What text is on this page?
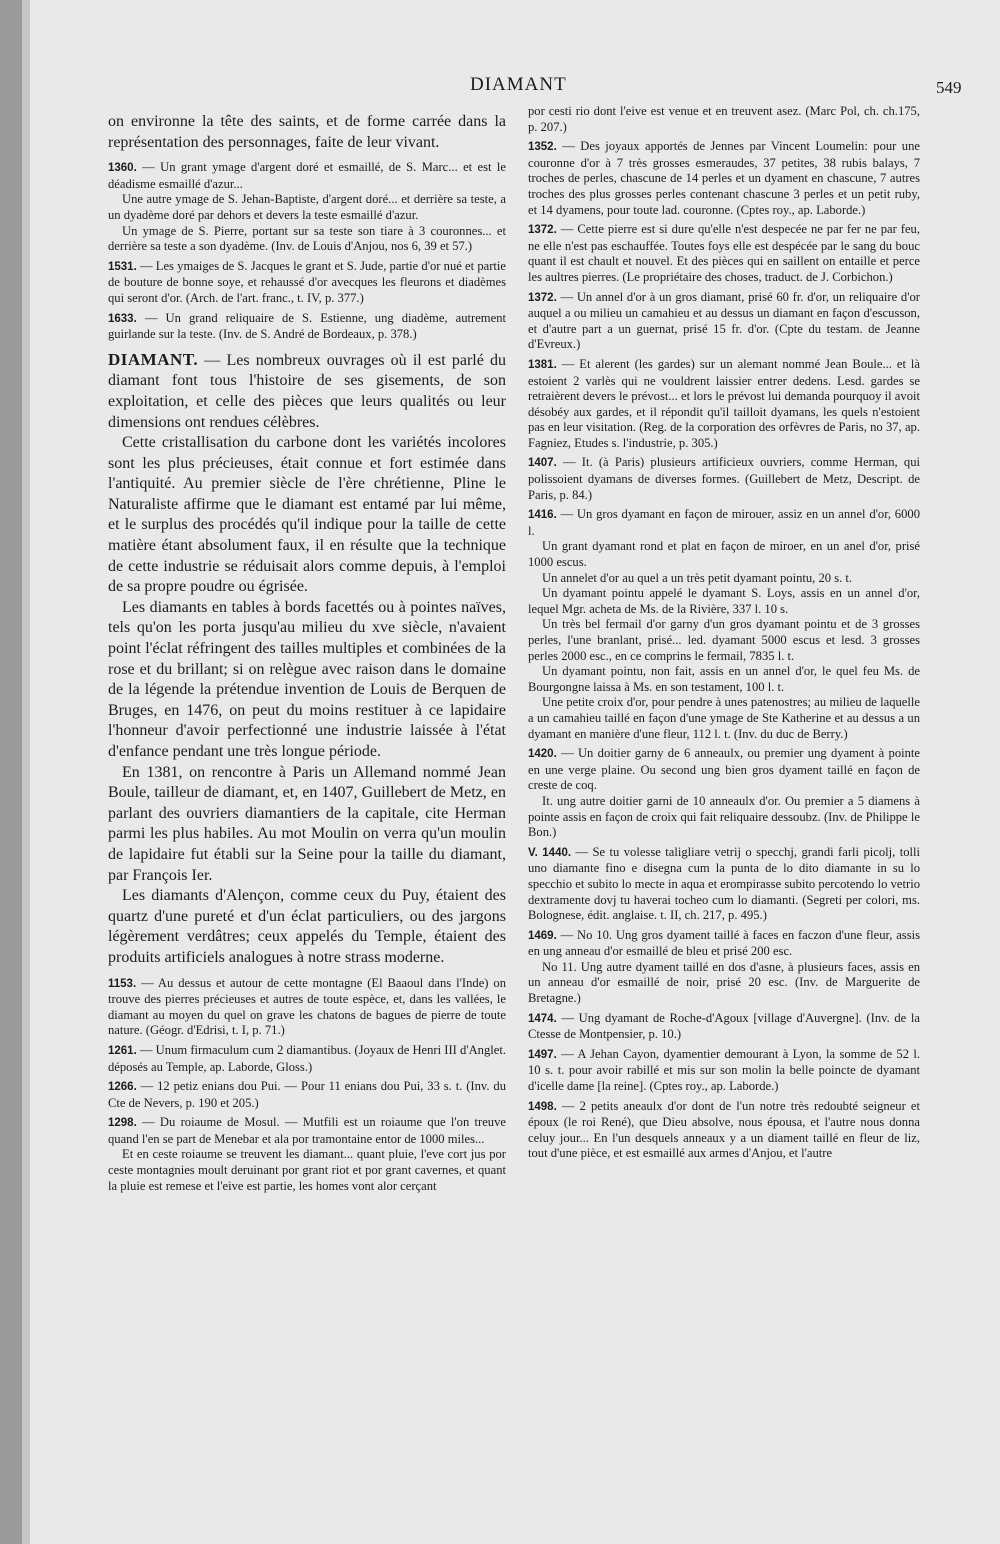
DIAMANT	549

on environne la tête des saints, et de forme carrée dans la représentation des personnages, faite de leur vivant.

1360. — Un grant ymage d'argent doré et esmaillé, de S. Marc... et est le déadisme esmaillé d'azur...

Une autre ymage de S. Jehan-Baptiste, d'argent doré... et derrière sa teste, a un dyadème doré par dehors et devers la teste esmaillé d'azur.

Un ymage de S. Pierre, portant sur sa teste son tiare à 3 couronnes... et derrière sa teste a son dyadème. (Inv. de Louis d'Anjou, nos 6, 39 et 57.)

1531. — Les ymaiges de S. Jacques le grant et S. Jude, partie d'or nué et partie de bouture de bonne soye, et rehaussé d'or avecques les fleurons et diadèmes qui seront d'or. (Arch. de l'art. franc., t. IV, p. 377.)

1633. — Un grand reliquaire de S. Estienne, ung diadème, autrement guirlande sur la teste. (Inv. de S. André de Bordeaux, p. 378.)

DIAMANT. — Les nombreux ouvrages où il est parlé du diamant font tous l'histoire de ses gisements, de son exploitation, et celle des pièces que leurs qualités ou leur dimensions ont rendues célèbres.

Cette cristallisation du carbone dont les variétés incolores sont les plus précieuses, était connue et fort estimée dans l'antiquité. Au premier siècle de l'ère chrétienne, Pline le Naturaliste affirme que le diamant est entamé par lui même, et le surplus des procédés qu'il indique pour la taille de cette matière étant absolument faux, il en résulte que la technique de cette industrie se réduisait alors comme depuis, à l'emploi de sa propre poudre ou égrisée.

Les diamants en tables à bords facettés ou à pointes naïves, tels qu'on les porta jusqu'au milieu du xve siècle, n'avaient point l'éclat réfringent des tailles multiples et combinées de la rose et du brillant; si on relègue avec raison dans le domaine de la légende la prétendue invention de Louis de Berquen de Bruges, en 1476, on peut du moins restituer à ce lapidaire l'honneur d'avoir perfectionné une industrie laissée à l'état d'enfance pendant une très longue période.

En 1381, on rencontre à Paris un Allemand nommé Jean Boule, tailleur de diamant, et, en 1407, Guillebert de Metz, en parlant des ouvriers diamantiers de la capitale, cite Herman parmi les plus habiles. Au mot Moulin on verra qu'un moulin de lapidaire fut établi sur la Seine pour la taille du diamant, par François Ier.

Les diamants d'Alençon, comme ceux du Puy, étaient des quartz d'une pureté et d'un éclat particuliers, ou des jargons légèrement verdâtres; ceux appelés du Temple, étaient des produits artificiels analogues à notre strass moderne.

1153. — Au dessus et autour de cette montagne (El Baaoul dans l'Inde) on trouve des pierres précieuses et autres de toute espèce, et, dans les vallées, le diamant au moyen du quel on grave les chatons de bagues de pierre de toute nature. (Géogr. d'Edrisi, t. I, p. 71.)

1261. — Unum firmaculum cum 2 diamantibus. (Joyaux de Henri III d'Anglet. déposés au Temple, ap. Laborde, Gloss.)

1266. — 12 petiz enians dou Pui. — Pour 11 enians dou Pui, 33 s. t. (Inv. du Cte de Nevers, p. 190 et 205.)

1298. — Du roiaume de Mosul. — Mutfili est un roiaume que l'on treuve quand l'en se part de Menebar et ala por tramontaine entor de 1000 miles...

Et en ceste roiaume se treuvent les diamant... quant pluie, l'eve cort jus por ceste montagnies moult deruinant por grant riot et por grant cavernes, et quant la pluie est remese et l'eive est partie, les homes vont alor cerçant

por cesti rio dont l'eive est venue et en treuvent asez. (Marc Pol, ch. ch.175, p. 207.)

1352. — Des joyaux apportés de Jennes par Vincent Loumelin: pour une couronne d'or à 7 très grosses esmeraudes, 37 petites, 38 rubis balays, 7 troches de perles, chascune de 14 perles et un dyament en chascune, 7 autres troches des plus grosses perles contenant chascune 3 perles et un petit ruby, et 14 dyamens, pour toute lad. couronne. (Cptes roy., ap. Laborde.)

1372. — Cette pierre est si dure qu'elle n'est despecée ne par fer ne par feu, ne elle n'est pas eschauffée. Toutes foys elle est despécée par le sang du bouc quant il est chault et nouvel. Et des pièces qui en saillent on entaille et perce les aultres pierres. (Le propriétaire des choses, traduct. de J. Corbichon.)

1372. — Un annel d'or à un gros diamant, prisé 60 fr. d'or, un reliquaire d'or auquel a ou milieu un camahieu et au dessus un diamant en façon d'escusson, et d'autre part a un guernat, prisé 15 fr. d'or. (Cpte du testam. de Jeanne d'Evreux.)

1381. — Et alerent (les gardes) sur un alemant nommé Jean Boule... et là estoient 2 varlès qui ne vouldrent laissier entrer dedens. Lesd. gardes se retraièrent devers le prévost... et lors le prévost lui demanda pourquoy il avoit désobéy aux gardes, et il répondit qu'il tailloit dyamans, les quels n'estoient pas en leur visitation. (Reg. de la corporation des orfèvres de Paris, no 37, ap. Fagniez, Etudes s. l'industrie, p. 305.)

1407. — It. (à Paris) plusieurs artificieux ouvriers, comme Herman, qui polissoient dyamans de diverses formes. (Guillebert de Metz, Descript. de Paris, p. 84.)

1416. — Un gros dyamant en façon de mirouer, assiz en un annel d'or, 6000 l.

Un grant dyamant rond et plat en façon de miroer, en un anel d'or, prisé 1000 escus.

Un annelet d'or au quel a un très petit dyamant pointu, 20 s. t.

Un dyamant pointu appelé le dyamant S. Loys, assis en un annel d'or, lequel Mgr. acheta de Ms. de la Rivière, 337 l. 10 s.

Un très bel fermail d'or garny d'un gros dyamant pointu et de 3 grosses perles, l'une branlant, prisé... led. dyamant 5000 escus et lesd. 3 grosses perles 2000 esc., en ce comprins le fermail, 7835 l. t.

Un dyamant pointu, non fait, assis en un annel d'or, le quel feu Ms. de Bourgongne laissa à Ms. en son testament, 100 l. t.

Une petite croix d'or, pour pendre à unes patenostres; au milieu de laquelle a un camahieu taillé en façon d'une ymage de Ste Katherine et au dessus a un dyamant en manière d'une fleur, 112 l. t. (Inv. du duc de Berry.)

1420. — Un doitier garny de 6 anneaulx, ou premier ung dyament à pointe en une verge plaine. Ou second ung bien gros dyament taillé en façon de creste de coq.

It. ung autre doitier garni de 10 anneaulx d'or. Ou premier a 5 diamens à pointe assis en façon de croix qui fait reliquaire dessoubz. (Inv. de Philippe le Bon.)

V. 1440. — Se tu volesse taligliare vetrij o specchj, grandi farli picolj, tolli uno diamante fino e disegna cum la punta de lo dito diamante in su lo specchio et subito lo mecte in aqua et erompirasse subito percotendo lo vetrio dextramente dovj tu haverai tocheo cum lo diamanti. (Segreti per colori, ms. Bolognese, édit. anglaise. t. II, ch. 217, p. 495.)

1469. — No 10. Ung gros dyament taillé à faces en faczon d'une fleur, assis en ung anneau d'or esmaillé de bleu et prisé 200 esc.

No 11. Ung autre dyament taillé en dos d'asne, à plusieurs faces, assis en un anneau d'or esmaillé de noir, prisé 20 esc. (Inv. de Marguerite de Bretagne.)

1474. — Ung dyamant de Roche-d'Agoux [village d'Auvergne]. (Inv. de la Ctesse de Montpensier, p. 10.)

1497. — A Jehan Cayon, dyamentier demourant à Lyon, la somme de 52 l. 10 s. t. pour avoir rabillé et mis sur son molin la belle poincte de dyamant d'icelle dame [la reine]. (Cptes roy., ap. Laborde.)

1498. — 2 petits aneaulx d'or dont de l'un notre très redoubté seigneur et époux (le roi René), que Dieu absolve, nous épousa, et l'autre nous donna celuy jour... En l'un desquels anneaux y a un diament taillé en fleur de liz, tout d'une pièce, et est esmaillé aux armes d'Anjou, et l'autre
